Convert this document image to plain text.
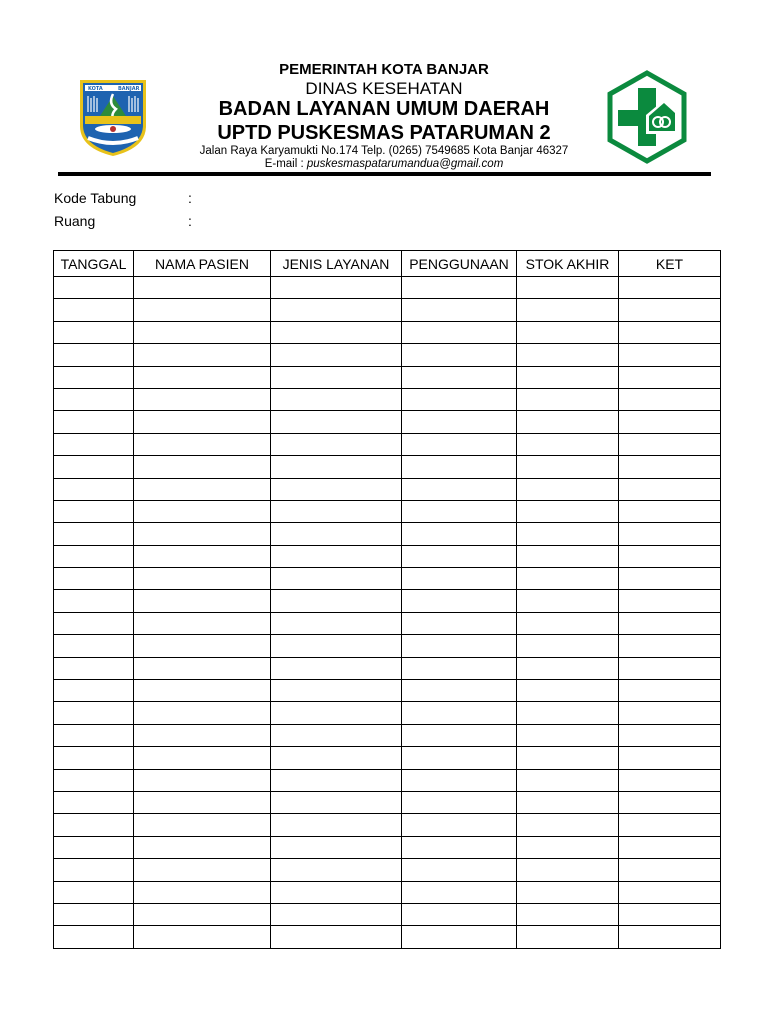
KOTA	BANJAR
PEMERINTAH KOTA BANJAR
DINAS KESEHATAN
BADAN LAYANAN UMUM DAERAH
UPTD PUSKESMAS PATARUMAN 2
Jalan Raya Karyamukti No.174 Telp. (0265) 7549685 Kota Banjar 46327
E-mail : puskesmaspatarumandua@gmail.com
Kode Tabung	:
Ruang	:
TANGGAL	NAMA PASIEN	JENIS LAYANAN	PENGGUNAAN	STOK AKHIR	KET
